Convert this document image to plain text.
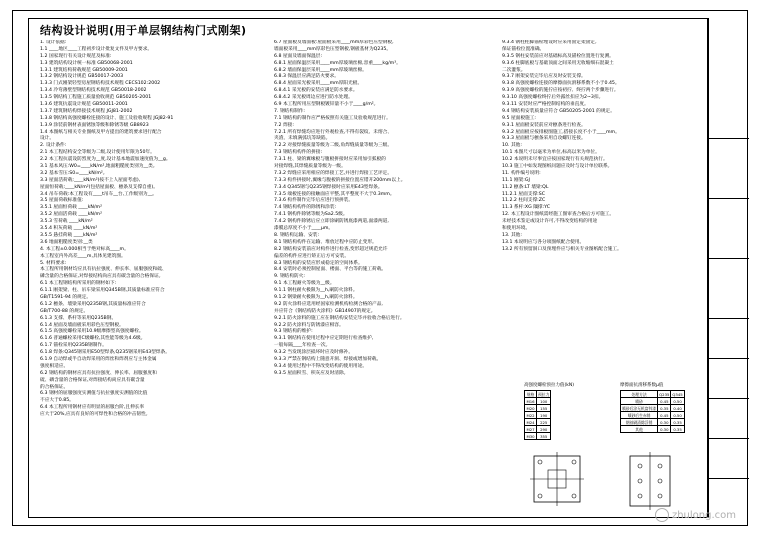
结构设计说明(用于单层钢结构门式刚架)
1. 设计依据:
1.1 ____地区____工程初步设计批复文件及甲方要求。
1.2 国家现行有关设计规范及标准:
1.3 建筑结构设计统一标准 GB50068-2001
1.3.1 建筑结构荷载规范 GB50009-2001
1.3.2 钢结构设计规范 GB50017-2003
1.3.3 门式刚架轻型房屋钢结构技术规程 CECS102:2002
1.3.4 冷弯薄壁型钢结构技术规范 GB50018-2002
1.3.5 钢结构工程施工质量验收规范 GB50205-2001
1.3.6 建筑抗震设计规范 GB50011-2001
1.3.7 建筑钢结构焊接技术规程 JGJ81-2002
1.3.8 钢结构高强度螺栓连接的设计、施工及验收规程 JGJ82-91
1.3.9 涂装前钢材表面锈蚀等级和除锈等级 GB8923
1.4 本图纸与相关专业图纸及甲方提出的建筑要求进行配合
设计。
2. 设计条件:
2.1 本工程结构安全等级为二级,设计使用年限为50年。
2.2 本工程抗震设防烈度为__度,设计基本地震加速度值为__g。
3.1 基本风压:W0=____kN/m²,地面粗糙度类别为__类。
3.2 基本雪压:S0=____kN/m²。
3.3 屋面活荷载:____kN/m²(按不上人屋面考虑),
屋面恒荷载:____kN/m²(包括屋面板、檩条及支撑自重)。
3.4 吊车荷载:本工程设有____t吊车__台,工作级别为__。
3.5 屋面荷载标准值:
3.5.1 屋面恒荷载 ____kN/m²
3.5.2 屋面活荷载 ____kN/m²
3.5.3 雪荷载 ____kN/m²
3.5.4 积灰荷载 ____kN/m²
3.5.5 悬挂荷载 ____kN/m²
3.6 地面粗糙度类别:__类
4. 本工程±0.000相当于绝对标高____m。
本工程室内外高差____m,具体见建筑图。
5. 材料要求:
本工程所用钢材均应具有抗拉强度、伸长率、屈服强度和硫、
磷含量的合格保证,对焊接结构尚应具有碳含量的合格保证。
6.1 本工程钢结构所采用的钢材如下:
6.1.1 刚架梁、柱、吊车梁采用Q345B钢,其质量标准应符合
GB/T1591-94 的规定。
6.1.2 檩条、墙梁采用Q235B钢,其质量标准应符合
GB/T700-88 的规定。
6.1.3 支撑、系杆等采用Q235B钢。
6.1.4 屋面及墙面板采用彩色压型钢板。
6.1.5 高强度螺栓采用10.9级摩擦型高强度螺栓。
6.1.6 普通螺栓采用C级螺栓,其性能等级为4.6级。
6.1.7 锚栓采用Q235B钢制作。
6.1.8 焊条:Q345钢采用E50型焊条,Q235钢采用E43型焊条。
6.1.9 自动焊或半自动焊采用的焊丝和焊剂应与主体金属
强度相适应。
6.2 钢结构的钢材应具有抗拉强度、伸长率、屈服强度和
硫、磷含量的合格保证,对焊接结构尚应具有碳含量
的合格保证。
6.3 钢材的屈服强度实测值与抗拉强度实测值的比值
不应大于0.85。
6.4 本工程所用钢材应有明显的屈服台阶,且伸长率
应大于20%,应具有良好的可焊性和合格的冲击韧性。
6.7 屋面板及墙面板:屋面板采用____mm厚彩色压型钢板,
墙面板采用____mm厚彩色压型钢板,钢板基材为Q235。
6.8 屋面及墙面保温层:
6.8.1 屋面保温层采用____mm厚玻璃丝棉,容重____kg/m³。
6.8.2 墙面保温层采用____mm厚玻璃丝棉。
6.8.3 保温层应满足防火要求。
6.8.4 屋面采光板采用____mm厚阳光板。
6.8.4.1 采光板的安装应满足防水要求。
6.8.4.2 采光板周边应进行防水处理。
6.9 本工程所用压型钢板镀锌量不小于____g/m²。
7. 钢结构制作:
7.1 钢结构的制作应严格按照有关施工及验收规范进行。
7.2 焊接:
7.2.1 所有焊缝均应进行外观检查,不得有裂纹、未熔合、
夹渣、未填满弧坑等缺陷。
7.2.2 对接焊缝质量等级为二级,角焊缝质量等级为三级。
7.3 钢结构构件的拼接:
7.3.1 柱、梁的翼缘板与腹板拼接时应采用加引弧板的
对接焊缝,其焊缝质量等级为一级。
7.3.2 焊缝应采用相应的焊接工艺,并进行焊接工艺评定。
7.3.3 构件拼接时,翼缘与腹板的拼接位置应错开200mm以上。
7.3.4 Q345钢与Q235钢焊接时应采用E43型焊条。
7.3.5 端板连接的接触面应平整,其平整度不大于0.3mm。
7.3.6 构件制作完毕后应进行预拼装。
7.4 钢结构构件的除锈和涂装:
7.4.1 钢构件除锈等级为Sa2.5级。
7.4.2 钢构件除锈后应立即涂刷防锈底漆两道,面漆两道,
漆膜总厚度不小于____μm。
8. 钢结构运输、安装:
8.1 钢结构构件在运输、堆放过程中应防止变形。
8.2 钢结构安装前应对构件进行检查,变形超过规范允许
偏差的构件应进行矫正后方可安装。
8.3 钢结构的安装应形成稳定的空间体系。
8.4 安装时必须控制屋面、楼面、平台等的施工荷载。
9. 钢结构防火:
9.1 本工程耐火等级为__级。
9.1.1 钢柱耐火极限为__h,刷防火涂料。
9.1.2 钢梁耐火极限为__h,刷防火涂料。
9.2 防火涂料应选用经国家检测机构检测合格的产品,
并应符合《钢结构防火涂料》GB14907的规定。
9.2.1 防火涂料的施工应在钢结构安装完毕并验收合格后进行。
9.2.2 防火涂料与防锈漆应相容。
9.3 钢结构的维护:
9.3.1 钢结构在使用过程中应定期进行检查维护,
一般每隔____年检查一次。
9.3.2 当发现涂层损坏时应及时修补。
9.3.3 严禁在钢结构上随意开洞、焊接或增加荷载。
9.3.4 使用过程中不得改变结构的使用用途。
9.3.5 屋面积雪、积灰应及时清除。
9.3.4 钢柱柱脚锚栓埋设时应采用固定架固定,
保证锚栓位置准确。
9.3.5 钢柱安装前应对基础标高及锚栓位置进行复测。
9.3.6 柱脚底板与基础顶面之间采用无收缩细石混凝土
二次灌浆。
9.3.7 刚架安装完毕后应及时安装支撑。
9.3.8 高强度螺栓连接的摩擦面抗滑移系数不小于0.45。
9.3.9 高强度螺栓的施拧应按初拧、终拧两个步骤进行。
9.3.10 高强度螺栓终拧后外露丝扣应为2~3扣。
9.3.11 安装时应严格控制结构的垂直度。
9.4 钢结构安装质量应符合 GB50205-2001 的规定。
9.5 屋面板施工:
9.3.1 屋面板安装前应对檩条进行检查。
9.3.2 屋面板应按排板图施工,搭接长度不小于____mm。
9.3.3 屋面板与檩条采用自攻螺钉连接。
10. 其他:
10.1 本图尺寸以毫米为单位,标高以米为单位。
10.2 本说明未尽事宜应按国家现行有关规范执行。
10.3 施工中如发现图纸问题应及时与设计单位联系。
11. 构件编号说明:
11.1 刚架:GJ
11.2 檩条:LT 墙梁:QL
11.2.1 屋面支撑:SC
11.2.2 柱间支撑:ZC
11.3 系杆:XG 隅撑:YC
12. 本工程设计图纸需经施工图审查合格后方可施工。
未经技术鉴定或设计许可,不得改变结构的用途
和使用环境。
13. 其他:
13.1 本说明应与各分项图纸配合使用。
13.2 所有预留洞口及预埋件应与相关专业图纸配合施工。
高强度螺栓预拉力值(kN)
规格	预拉力
M16	100
M20	155
M22	190
M24	225
M27	290
M30	355
摩擦面抗滑移系数μ值
处理方法	Q235	Q345
喷砂	0.45	0.50
喷砂后涂无机富锌漆	0.35	0.40
喷砂后生赤锈	0.45	0.50
钢丝刷清除浮锈	0.30	0.35
其他	0.30	0.35
zhulong.com
